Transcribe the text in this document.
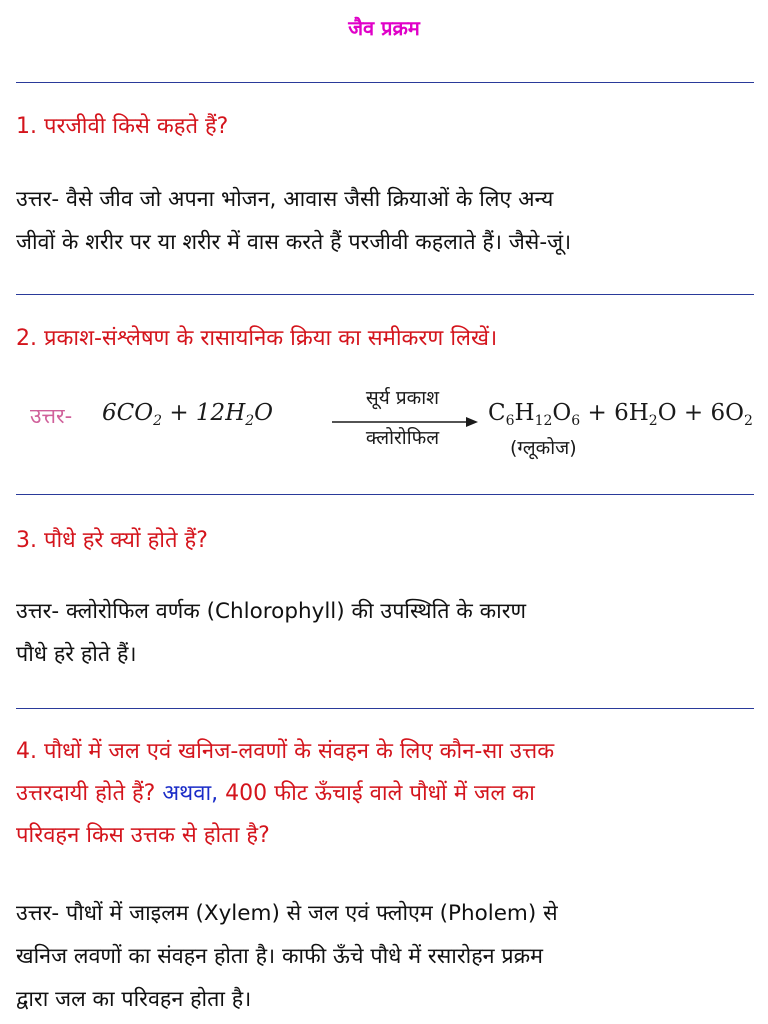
जैव प्रक्रम
1. परजीवी किसे कहते हैं?
उत्तर- वैसे जीव जो अपना भोजन, आवास जैसी क्रियाओं के लिए अन्य
जीवों के शरीर पर या शरीर में वास करते हैं परजीवी कहलाते हैं। जैसे-जूं।
2. प्रकाश-संश्लेषण के रासायनिक क्रिया का समीकरण लिखें।
उत्तर- $6CO_2 + 12H_2O$
सूर्य प्रकाश
क्लोरोफिल
$C_6H_{12}O_6 + 6H_2O + 6O_2$
(ग्लूकोज)
3. पौधे हरे क्यों होते हैं?
उत्तर- क्लोरोफिल वर्णक (Chlorophyll) की उपस्थिति के कारण
पौधे हरे होते हैं।
4. पौधों में जल एवं खनिज-लवणों के संवहन के लिए कौन-सा उत्तक
उत्तरदायी होते हैं? अथवा, 400 फीट ऊँचाई वाले पौधों में जल का
परिवहन किस उत्तक से होता है?
उत्तर- पौधों में जाइलम (Xylem) से जल एवं फ्लोएम (Pholem) से
खनिज लवणों का संवहन होता है। काफी ऊँचे पौधे में रसारोहन प्रक्रम
द्वारा जल का परिवहन होता है।
